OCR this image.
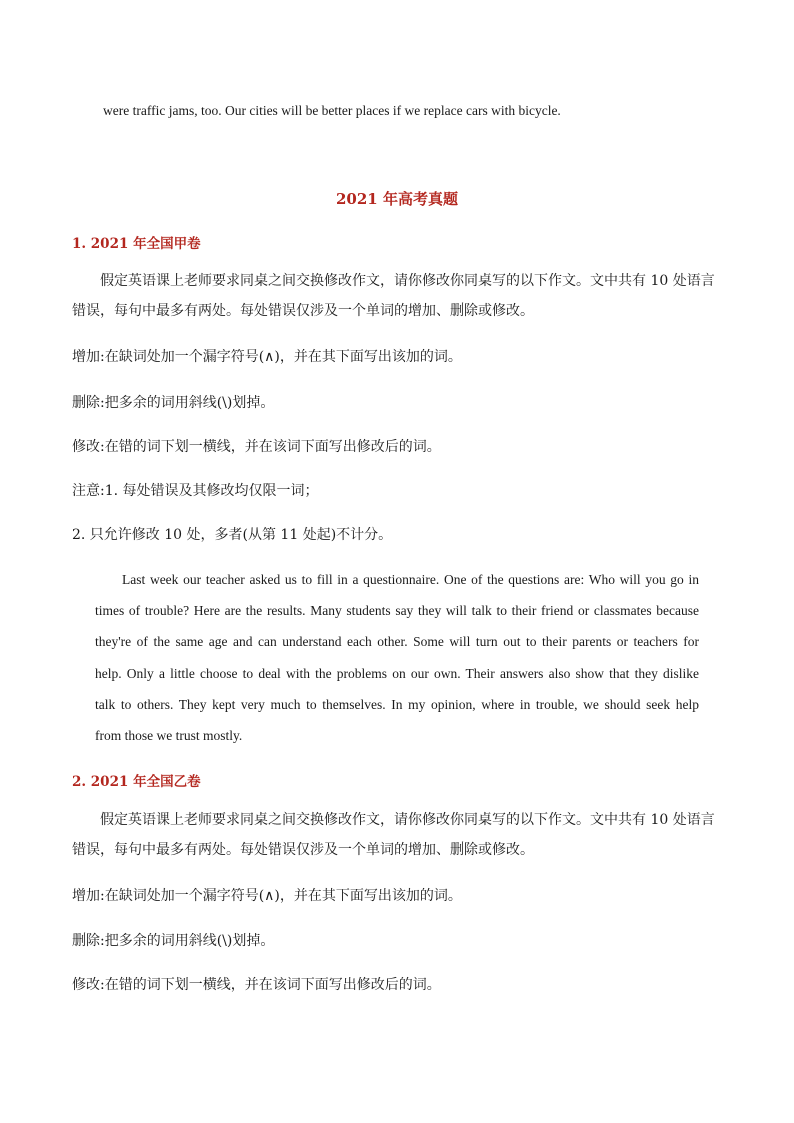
were traffic jams, too. Our cities will be better places if we replace cars with bicycle.
2021 年高考真题
1. 2021 年全国甲卷
假定英语课上老师要求同桌之间交换修改作文，请你修改你同桌写的以下作文。文中共有 10 处语言
错误，每句中最多有两处。每处错误仅涉及一个单词的增加、删除或修改。
增加:在缺词处加一个漏字符号(∧)，并在其下面写出该加的词。
删除:把多余的词用斜线(\)划掉。
修改:在错的词下划一横线，并在该词下面写出修改后的词。
注意:1. 每处错误及其修改均仅限一词；
2. 只允许修改 10 处，多者(从第 11 处起)不计分。
Last week our teacher asked us to fill in a questionnaire. One of the questions are: Who will you go in
times of trouble? Here are the results. Many students say they will talk to their friend or classmates because
they're of the same age and can understand each other. Some will turn out to their parents or teachers for
help. Only a little choose to deal with the problems on our own. Their answers also show that they dislike
talk to others. They kept very much to themselves. In my opinion, where in trouble, we should seek help
from those we trust mostly.
2. 2021 年全国乙卷
假定英语课上老师要求同桌之间交换修改作文，请你修改你同桌写的以下作文。文中共有 10 处语言
错误，每句中最多有两处。每处错误仅涉及一个单词的增加、删除或修改。
增加:在缺词处加一个漏字符号(∧)，并在其下面写出该加的词。
删除:把多余的词用斜线(\)划掉。
修改:在错的词下划一横线，并在该词下面写出修改后的词。
